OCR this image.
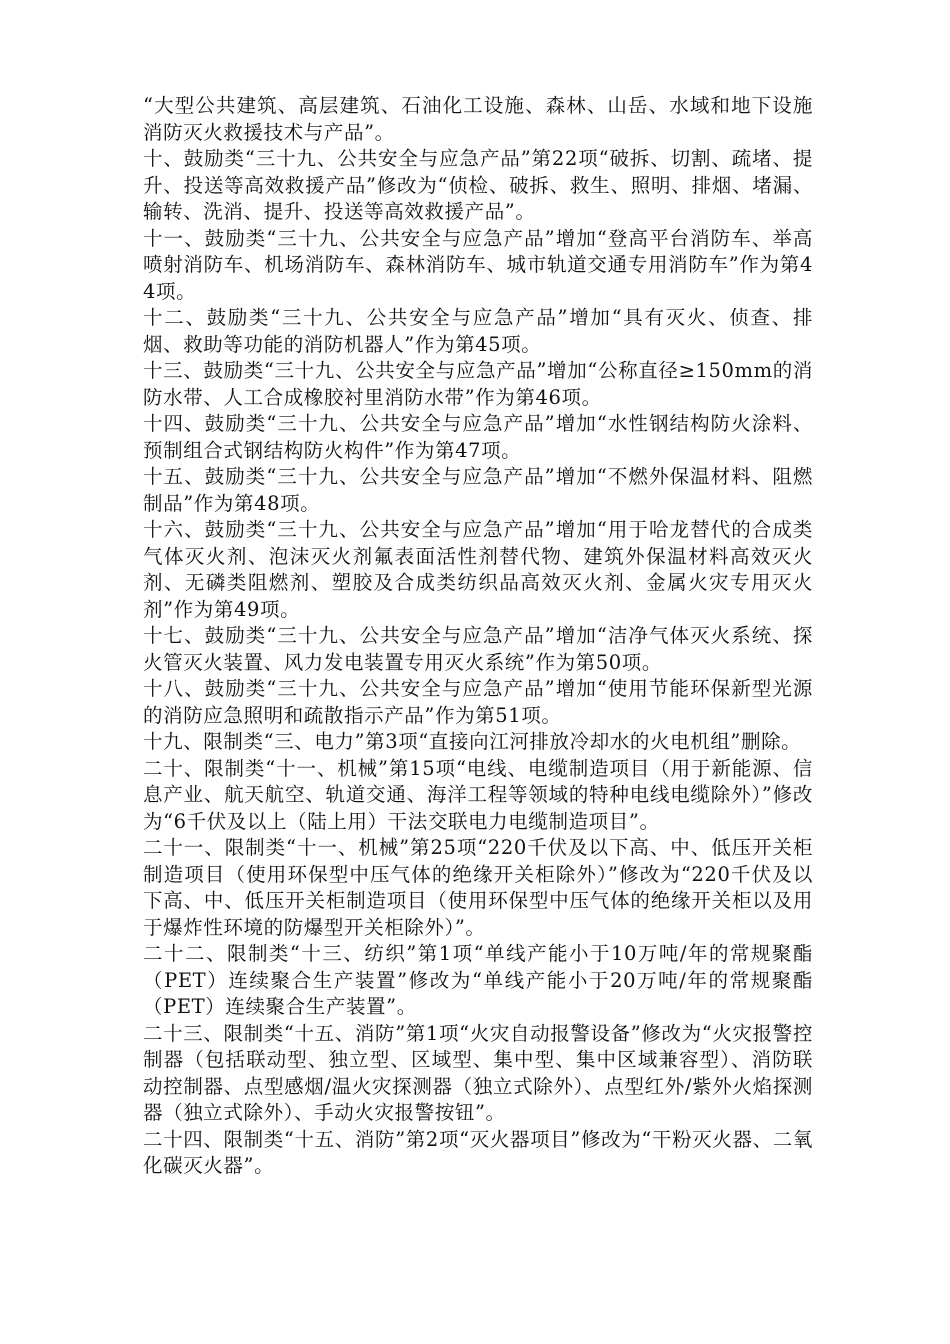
“大型公共建筑、高层建筑、石油化工设施、森林、山岳、水域和地下设施消防灭火救援技术与产品”。

十、鼓励类“三十九、公共安全与应急产品”第22项“破拆、切割、疏堵、提升、投送等高效救援产品”修改为“侦检、破拆、救生、照明、排烟、堵漏、输转、洗消、提升、投送等高效救援产品”。

十一、鼓励类“三十九、公共安全与应急产品”增加“登高平台消防车、举高喷射消防车、机场消防车、森林消防车、城市轨道交通专用消防车”作为第44项。

十二、鼓励类“三十九、公共安全与应急产品”增加“具有灭火、侦查、排烟、救助等功能的消防机器人”作为第45项。

十三、鼓励类“三十九、公共安全与应急产品”增加“公称直径≥150mm的消防水带、人工合成橡胶衬里消防水带”作为第46项。

十四、鼓励类“三十九、公共安全与应急产品”增加“水性钢结构防火涂料、预制组合式钢结构防火构件”作为第47项。

十五、鼓励类“三十九、公共安全与应急产品”增加“不燃外保温材料、阻燃制品”作为第48项。

十六、鼓励类“三十九、公共安全与应急产品”增加“用于哈龙替代的合成类气体灭火剂、泡沫灭火剂氟表面活性剂替代物、建筑外保温材料高效灭火剂、无磷类阻燃剂、塑胶及合成类纺织品高效灭火剂、金属火灾专用灭火剂”作为第49项。

十七、鼓励类“三十九、公共安全与应急产品”增加“洁净气体灭火系统、探火管灭火装置、风力发电装置专用灭火系统”作为第50项。

十八、鼓励类“三十九、公共安全与应急产品”增加“使用节能环保新型光源的消防应急照明和疏散指示产品”作为第51项。

十九、限制类“三、电力”第3项“直接向江河排放冷却水的火电机组”删除。

二十、限制类“十一、机械”第15项“电线、电缆制造项目（用于新能源、信息产业、航天航空、轨道交通、海洋工程等领域的特种电线电缆除外）”修改为“6千伏及以上（陆上用）干法交联电力电缆制造项目”。

二十一、限制类“十一、机械”第25项“220千伏及以下高、中、低压开关柜制造项目（使用环保型中压气体的绝缘开关柜除外）”修改为“220千伏及以下高、中、低压开关柜制造项目（使用环保型中压气体的绝缘开关柜以及用于爆炸性环境的防爆型开关柜除外）”。

二十二、限制类“十三、纺织”第1项“单线产能小于10万吨/年的常规聚酯（PET）连续聚合生产装置”修改为“单线产能小于20万吨/年的常规聚酯（PET）连续聚合生产装置”。

二十三、限制类“十五、消防”第1项“火灾自动报警设备”修改为“火灾报警控制器（包括联动型、独立型、区域型、集中型、集中区域兼容型）、消防联动控制器、点型感烟/温火灾探测器（独立式除外）、点型红外/紫外火焰探测器（独立式除外）、手动火灾报警按钮”。

二十四、限制类“十五、消防”第2项“灭火器项目”修改为“干粉灭火器、二氧化碳灭火器”。
